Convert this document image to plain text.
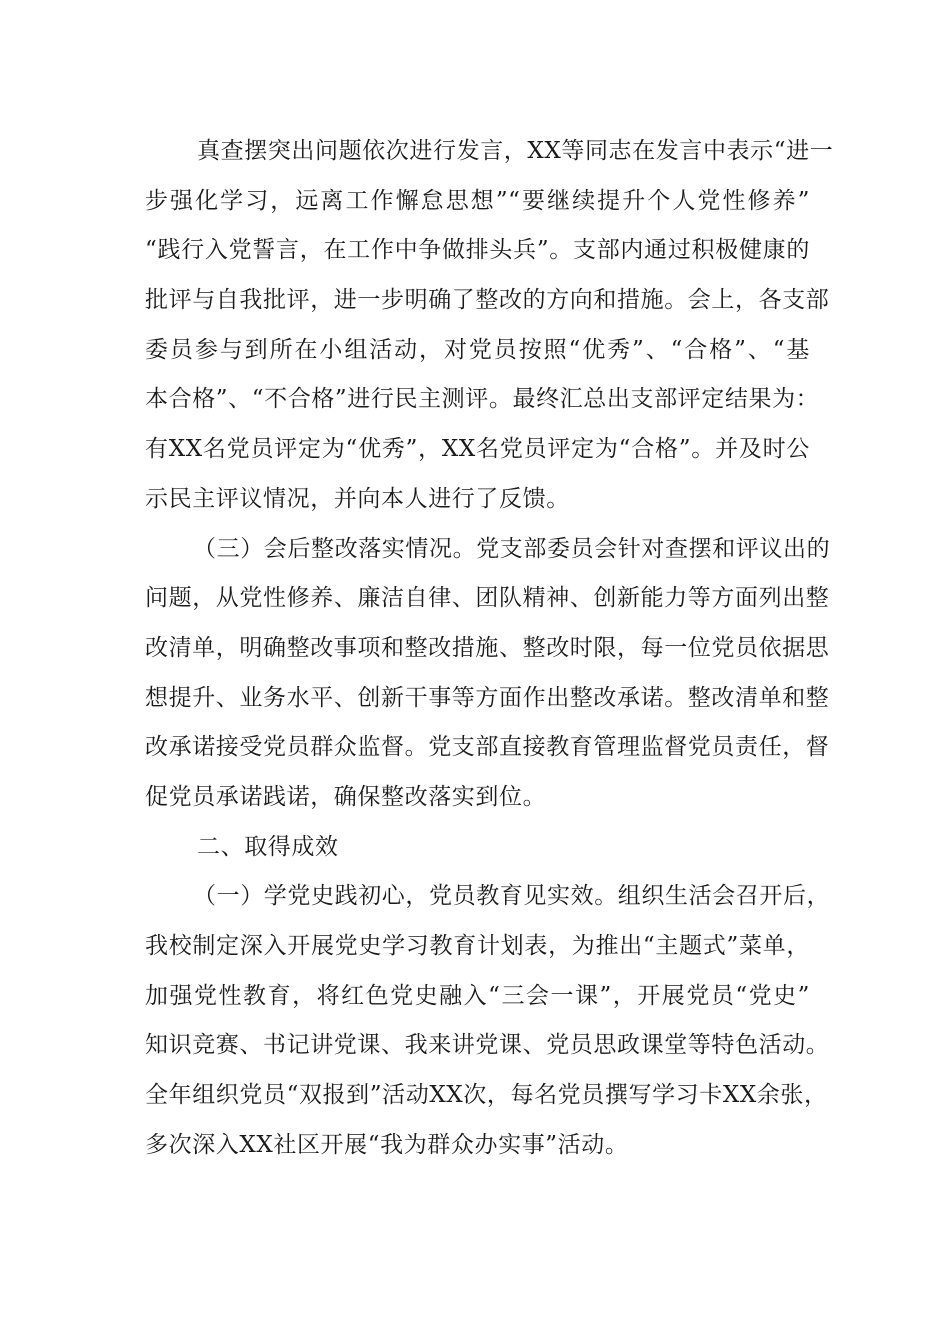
真查摆突出问题依次进行发言，XX等同志在发言中表示“进一
步强化学习，远离工作懈怠思想”“要继续提升个人党性修养”
“践行入党誓言，在工作中争做排头兵”。支部内通过积极健康的
批评与自我批评，进一步明确了整改的方向和措施。会上，各支部
委员参与到所在小组活动，对党员按照“优秀”、“合格”、“基
本合格”、“不合格”进行民主测评。最终汇总出支部评定结果为：
有XX名党员评定为“优秀”，XX名党员评定为“合格”。并及时公
示民主评议情况，并向本人进行了反馈。
（三）会后整改落实情况。党支部委员会针对查摆和评议出的
问题，从党性修养、廉洁自律、团队精神、创新能力等方面列出整
改清单，明确整改事项和整改措施、整改时限，每一位党员依据思
想提升、业务水平、创新干事等方面作出整改承诺。整改清单和整
改承诺接受党员群众监督。党支部直接教育管理监督党员责任，督
促党员承诺践诺，确保整改落实到位。
二、取得成效
（一）学党史践初心，党员教育见实效。组织生活会召开后，
我校制定深入开展党史学习教育计划表，为推出“主题式”菜单，
加强党性教育，将红色党史融入“三会一课”，开展党员“党史”
知识竞赛、书记讲党课、我来讲党课、党员思政课堂等特色活动。
全年组织党员“双报到”活动XX次，每名党员撰写学习卡XX余张，
多次深入XX社区开展“我为群众办实事”活动。
